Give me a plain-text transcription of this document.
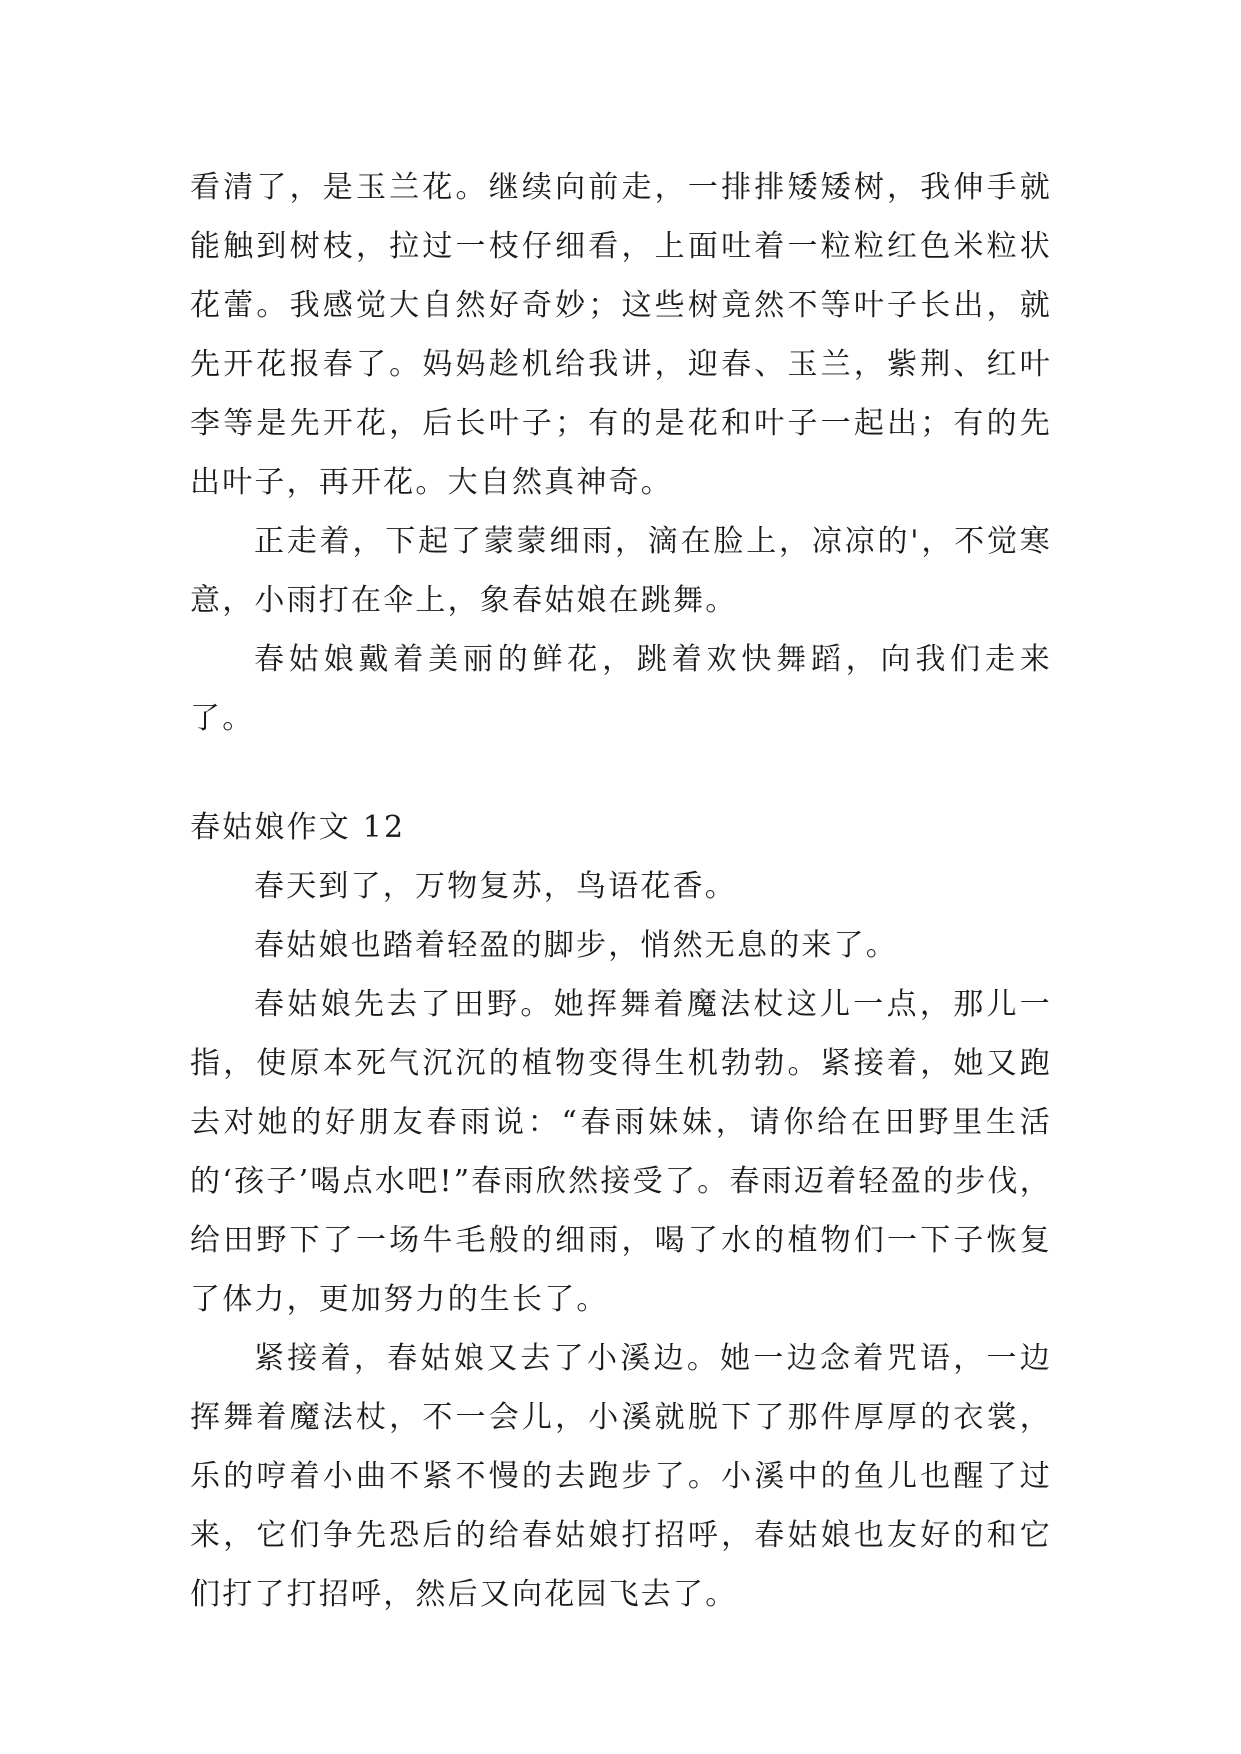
看清了，是玉兰花。继续向前走，一排排矮矮树，我伸手就能触到树枝，拉过一枝仔细看，上面吐着一粒粒红色米粒状花蕾。我感觉大自然好奇妙；这些树竟然不等叶子长出，就先开花报春了。妈妈趁机给我讲，迎春、玉兰，紫荆、红叶李等是先开花，后长叶子；有的是花和叶子一起出；有的先出叶子，再开花。大自然真神奇。

正走着，下起了蒙蒙细雨，滴在脸上，凉凉的'，不觉寒意，小雨打在伞上，象春姑娘在跳舞。

春姑娘戴着美丽的鲜花，跳着欢快舞蹈，向我们走来了。

春姑娘作文 12

春天到了，万物复苏，鸟语花香。

春姑娘也踏着轻盈的脚步，悄然无息的来了。

春姑娘先去了田野。她挥舞着魔法杖这儿一点，那儿一指，使原本死气沉沉的植物变得生机勃勃。紧接着，她又跑去对她的好朋友春雨说：“春雨妹妹，请你给在田野里生活的‘孩子’喝点水吧!”春雨欣然接受了。春雨迈着轻盈的步伐，给田野下了一场牛毛般的细雨，喝了水的植物们一下子恢复了体力，更加努力的生长了。

紧接着，春姑娘又去了小溪边。她一边念着咒语，一边挥舞着魔法杖，不一会儿，小溪就脱下了那件厚厚的衣裳，乐的哼着小曲不紧不慢的去跑步了。小溪中的鱼儿也醒了过来，它们争先恐后的给春姑娘打招呼，春姑娘也友好的和它们打了打招呼，然后又向花园飞去了。
